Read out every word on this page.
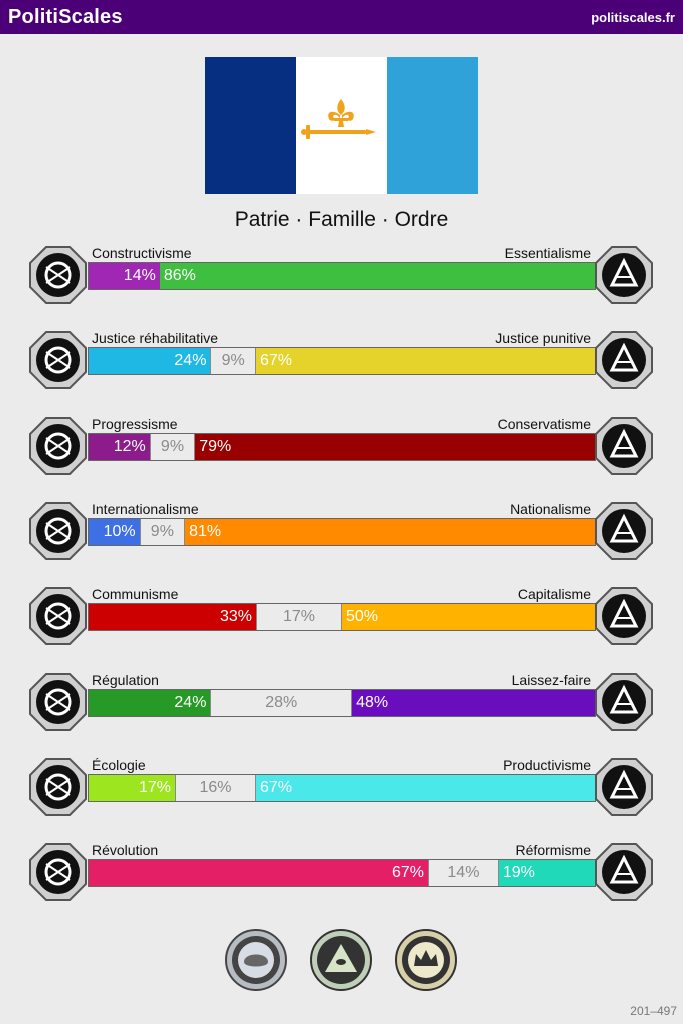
PolitiScales	politiscales.fr
Patrie · Famille · Ordre
Constructivisme	Essentialisme
14% 86%
Justice réhabilitative	Justice punitive
24% 9% 67%
Progressisme	Conservatisme
12% 9% 79%
Internationalisme	Nationalisme
10% 9% 81%
Communisme	Capitalisme
33%	17%	50%
Régulation	Laissez-faire
24%	28%	48%
Écologie	Productivisme
17%	16%	67%
Révolution	Réformisme
67%	14%	19%
201–497
